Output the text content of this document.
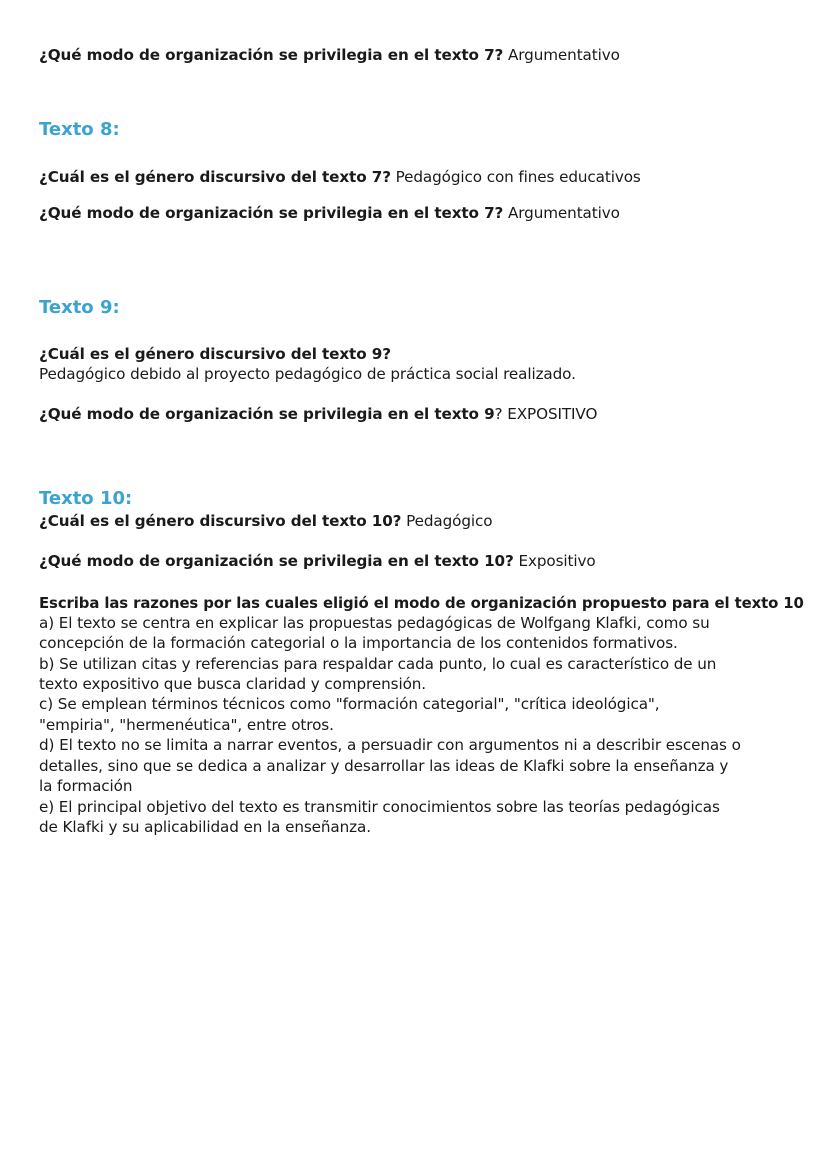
¿Qué modo de organización se privilegia en el texto 7? Argumentativo
Texto 8:
¿Cuál es el género discursivo del texto 7? Pedagógico con fines educativos
¿Qué modo de organización se privilegia en el texto 7? Argumentativo
Texto 9:
¿Cuál es el género discursivo del texto 9?
Pedagógico debido al proyecto pedagógico de práctica social realizado.
¿Qué modo de organización se privilegia en el texto 9? EXPOSITIVO
Texto 10:
¿Cuál es el género discursivo del texto 10? Pedagógico
¿Qué modo de organización se privilegia en el texto 10? Expositivo
Escriba las razones por las cuales eligió el modo de organización propuesto para el texto 10
a) El texto se centra en explicar las propuestas pedagógicas de Wolfgang Klafki, como su
concepción de la formación categorial o la importancia de los contenidos formativos.
b) Se utilizan citas y referencias para respaldar cada punto, lo cual es característico de un
texto expositivo que busca claridad y comprensión.
c) Se emplean términos técnicos como "formación categorial", "crítica ideológica",
"empiria", "hermenéutica", entre otros.
d) El texto no se limita a narrar eventos, a persuadir con argumentos ni a describir escenas o
detalles, sino que se dedica a analizar y desarrollar las ideas de Klafki sobre la enseñanza y
la formación
e) El principal objetivo del texto es transmitir conocimientos sobre las teorías pedagógicas
de Klafki y su aplicabilidad en la enseñanza.
